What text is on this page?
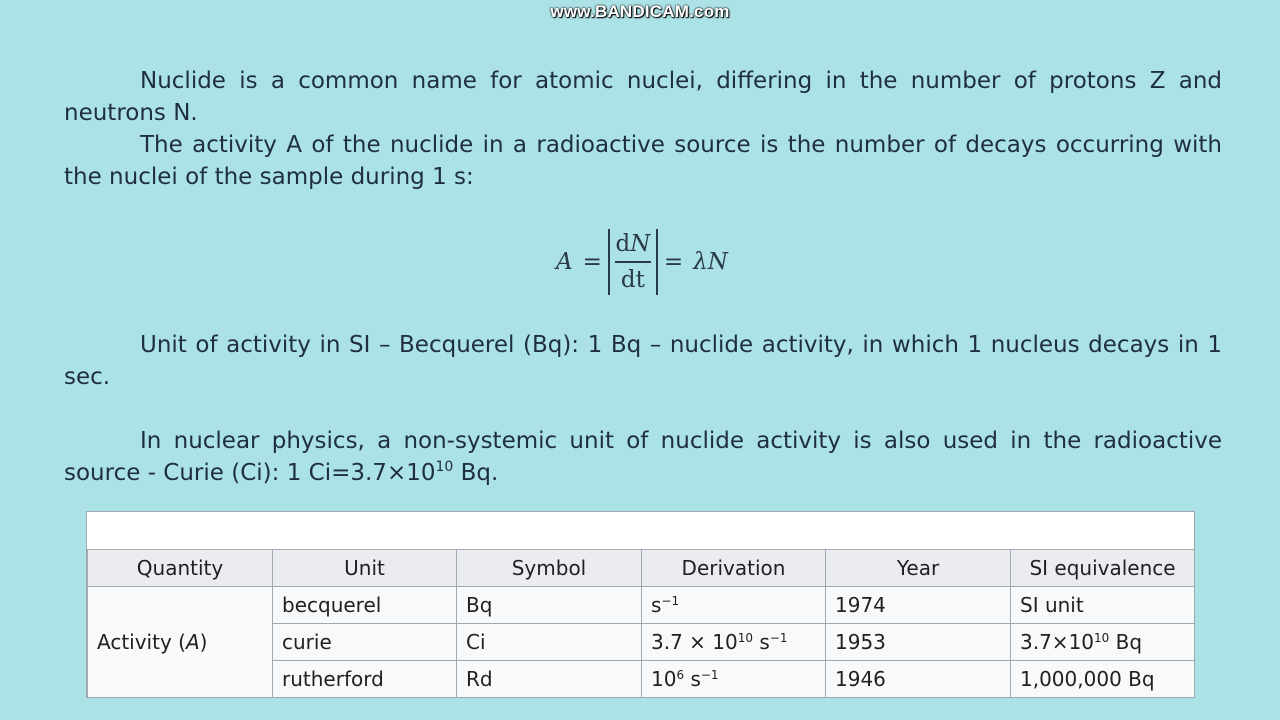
www.BANDICAM.com

Nuclide is a common name for atomic nuclei, differing in the number of protons Z and neutrons N.

The activity A of the nuclide in a radioactive source is the number of decays occurring with the nuclei of the sample during 1 s:

$A = \frac{dN}{dt} = \lambda N$

Unit of activity in SI – Becquerel (Bq): 1 Bq – nuclide activity, in which 1 nucleus decays in 1 sec.

In nuclear physics, a non-systemic unit of nuclide activity is also used in the radioactive source - Curie (Ci): 1 $Ci=3.7\times 10^{10}$ Bq.

Quantity	Unit	Symbol	Derivation	Year	SI equivalence
Activity (A)	becquerel	Bq	$s^{-1}$	1974	SI unit
	curie	Ci	$3.7 \times 10^{10}$ $s^{-1}$	1953	$3.7\times 10^{10}$ Bq
	rutherford	Rd	$10^6$ $s^{-1}$	1946	1,000,000 Bq
